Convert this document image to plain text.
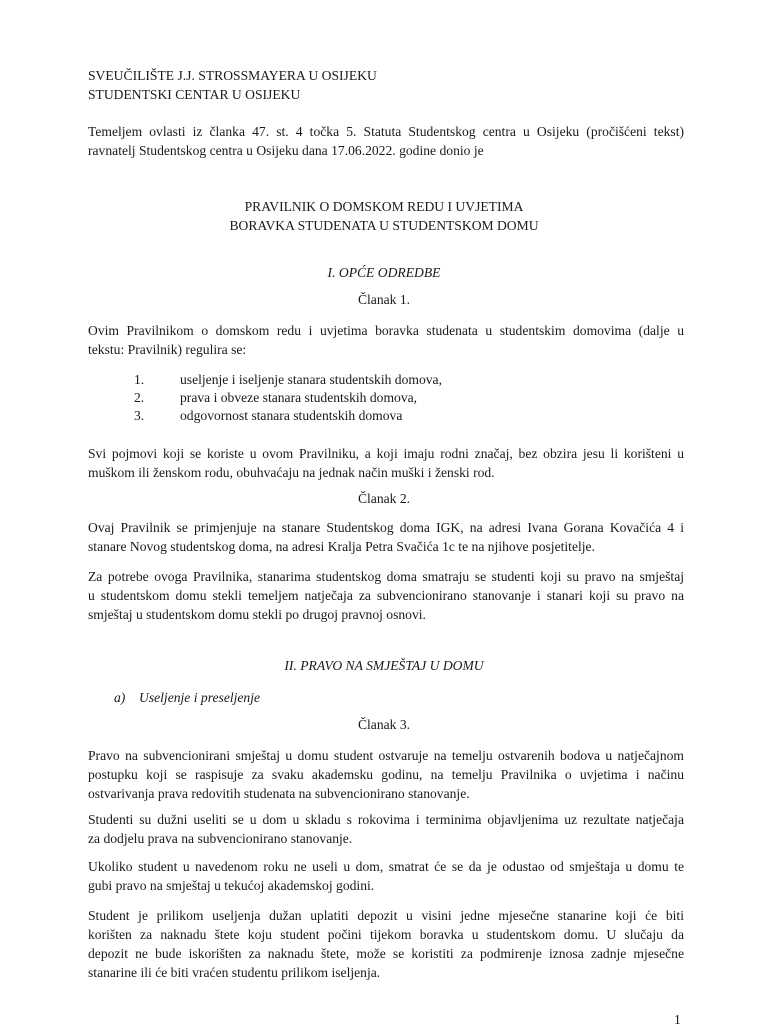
SVEUČILIŠTE J.J. STROSSMAYERA U OSIJEKU
STUDENTSKI CENTAR U OSIJEKU
Temeljem ovlasti iz članka 47. st. 4 točka 5. Statuta Studentskog centra u Osijeku (pročišćeni tekst)
ravnatelj Studentskog centra u Osijeku dana 17.06.2022. godine donio je
PRAVILNIK O DOMSKOM REDU I UVJETIMA
BORAVKA STUDENATA U STUDENTSKOM DOMU
I. OPĆE ODREDBE
Članak 1.
Ovim Pravilnikom o domskom redu i uvjetima boravka studenata u studentskim domovima (dalje u
tekstu: Pravilnik) regulira se:
1.	useljenje i iseljenje stanara studentskih domova,
2.	prava i obveze stanara studentskih domova,
3.	odgovornost stanara studentskih domova
Svi pojmovi koji se koriste u ovom Pravilniku, a koji imaju rodni značaj, bez obzira jesu li korišteni u
muškom ili ženskom rodu, obuhvaćaju na jednak način muški i ženski rod.
Članak 2.
Ovaj Pravilnik se primjenjuje na stanare Studentskog doma IGK, na adresi Ivana Gorana Kovačića 4 i
stanare Novog studentskog doma, na adresi Kralja Petra Svačića 1c te na njihove posjetitelje.
Za potrebe ovoga Pravilnika, stanarima studentskog doma smatraju se studenti koji su pravo na smještaj
u studentskom domu stekli temeljem natječaja za subvencionirano stanovanje i stanari koji su pravo na
smještaj u studentskom domu stekli po drugoj pravnoj osnovi.
II. PRAVO NA SMJEŠTAJ U DOMU
a) Useljenje i preseljenje
Članak 3.
Pravo na subvencionirani smještaj u domu student ostvaruje na temelju ostvarenih bodova u natječajnom
postupku koji se raspisuje za svaku akademsku godinu, na temelju Pravilnika o uvjetima i načinu
ostvarivanja prava redovitih studenata na subvencionirano stanovanje.
Studenti su dužni useliti se u dom u skladu s rokovima i terminima objavljenima uz rezultate natječaja
za dodjelu prava na subvencionirano stanovanje.
Ukoliko student u navedenom roku ne useli u dom, smatrat će se da je odustao od smještaja u domu te
gubi pravo na smještaj u tekućoj akademskoj godini.
Student je prilikom useljenja dužan uplatiti depozit u visini jedne mjesečne stanarine koji će biti
korišten za naknadu štete koju student počini tijekom boravka u studentskom domu. U slučaju da
depozit ne bude iskorišten za naknadu štete, može se koristiti za podmirenje iznosa zadnje mjesečne
stanarine ili će biti vraćen studentu prilikom iseljenja.
1
